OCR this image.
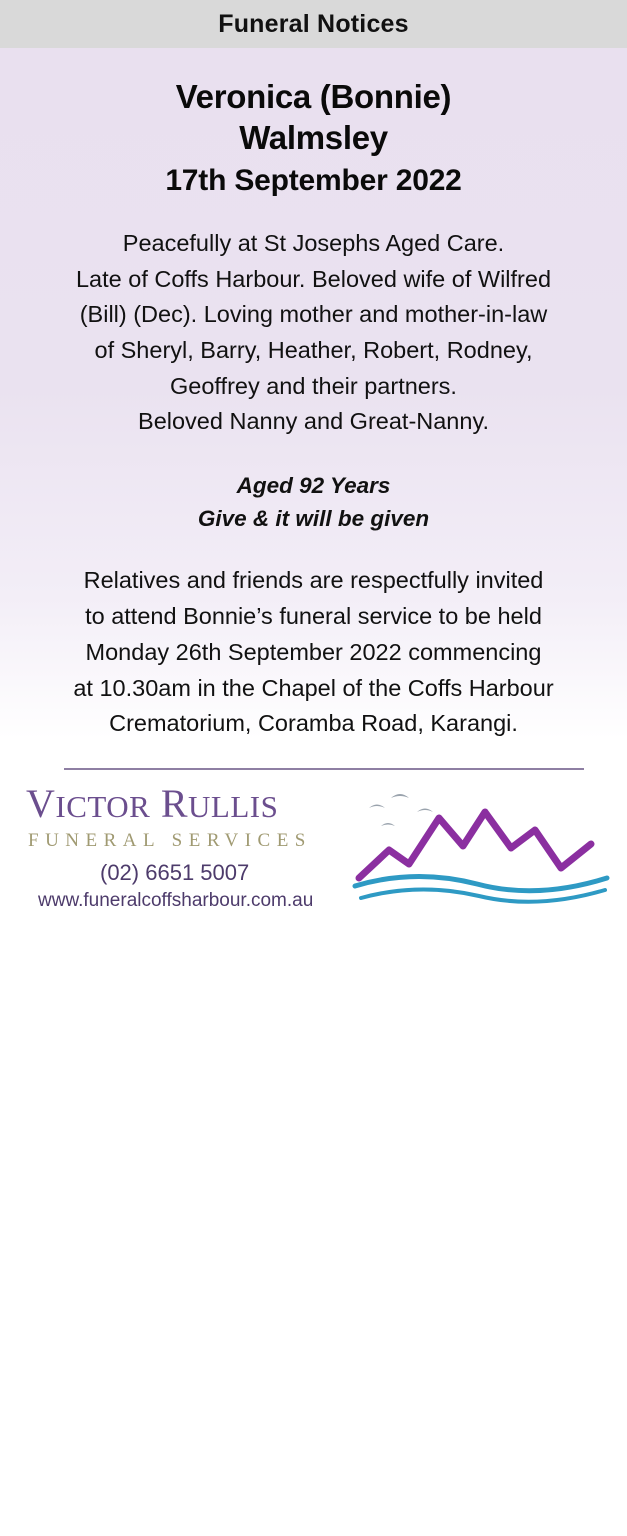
Funeral Notices
Veronica (Bonnie)
Walmsley
17th September 2022
Peacefully at St Josephs Aged Care.
Late of Coffs Harbour. Beloved wife of Wilfred
(Bill) (Dec). Loving mother and mother-in-law
of Sheryl, Barry, Heather, Robert, Rodney,
Geoffrey and their partners.
Beloved Nanny and Great-Nanny.
Aged 92 Years
Give & it will be given
Relatives and friends are respectfully invited
to attend Bonnie’s funeral service to be held
Monday 26th September 2022 commencing
at 10.30am in the Chapel of the Coffs Harbour
Crematorium, Coramba Road, Karangi.
VICTOR RULLIS
FUNERAL SERVICES
(02) 6651 5007
www.funeralcoffsharbour.com.au
